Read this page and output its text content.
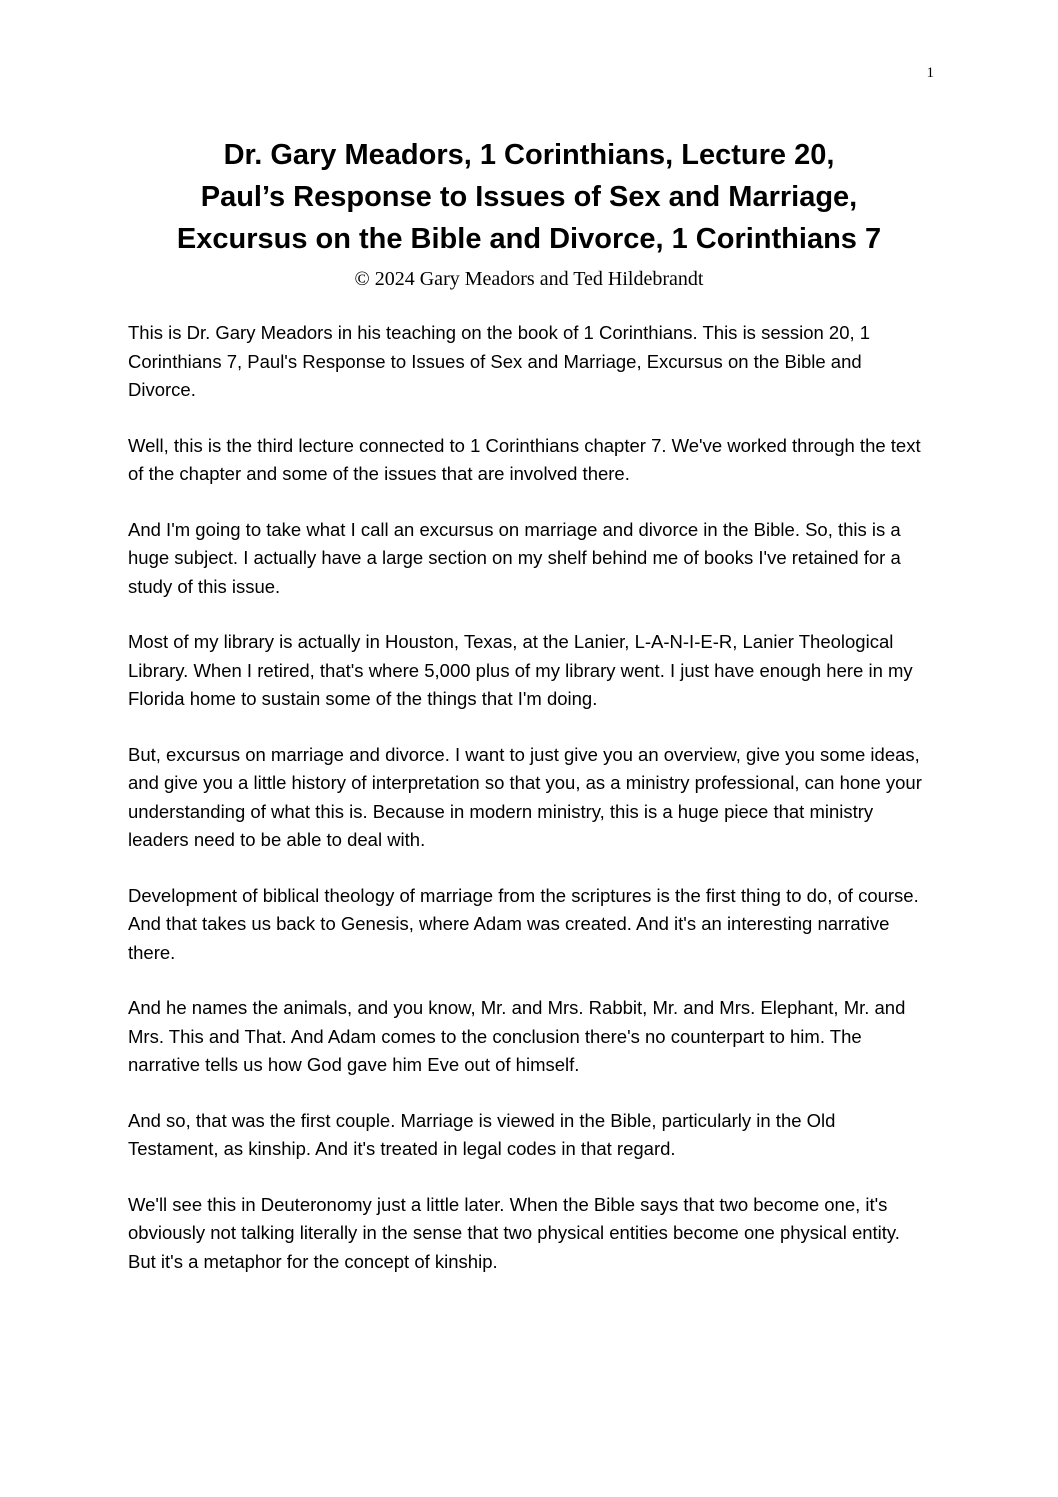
1
Dr. Gary Meadors, 1 Corinthians, Lecture 20,
Paul’s Response to Issues of Sex and Marriage,
Excursus on the Bible and Divorce, 1 Corinthians 7
© 2024 Gary Meadors and Ted Hildebrandt

This is Dr. Gary Meadors in his teaching on the book of 1 Corinthians. This is session 20, 1 Corinthians 7, Paul's Response to Issues of Sex and Marriage, Excursus on the Bible and Divorce.

Well, this is the third lecture connected to 1 Corinthians chapter 7. We've worked through the text of the chapter and some of the issues that are involved there.

And I'm going to take what I call an excursus on marriage and divorce in the Bible. So, this is a huge subject. I actually have a large section on my shelf behind me of books I've retained for a study of this issue.

Most of my library is actually in Houston, Texas, at the Lanier, L-A-N-I-E-R, Lanier Theological Library. When I retired, that's where 5,000 plus of my library went. I just have enough here in my Florida home to sustain some of the things that I'm doing.

But, excursus on marriage and divorce. I want to just give you an overview, give you some ideas, and give you a little history of interpretation so that you, as a ministry professional, can hone your understanding of what this is. Because in modern ministry, this is a huge piece that ministry leaders need to be able to deal with.

Development of biblical theology of marriage from the scriptures is the first thing to do, of course. And that takes us back to Genesis, where Adam was created. And it's an interesting narrative there.

And he names the animals, and you know, Mr. and Mrs. Rabbit, Mr. and Mrs. Elephant, Mr. and Mrs. This and That. And Adam comes to the conclusion there's no counterpart to him. The narrative tells us how God gave him Eve out of himself.

And so, that was the first couple. Marriage is viewed in the Bible, particularly in the Old Testament, as kinship. And it's treated in legal codes in that regard.

We'll see this in Deuteronomy just a little later. When the Bible says that two become one, it's obviously not talking literally in the sense that two physical entities become one physical entity. But it's a metaphor for the concept of kinship.
